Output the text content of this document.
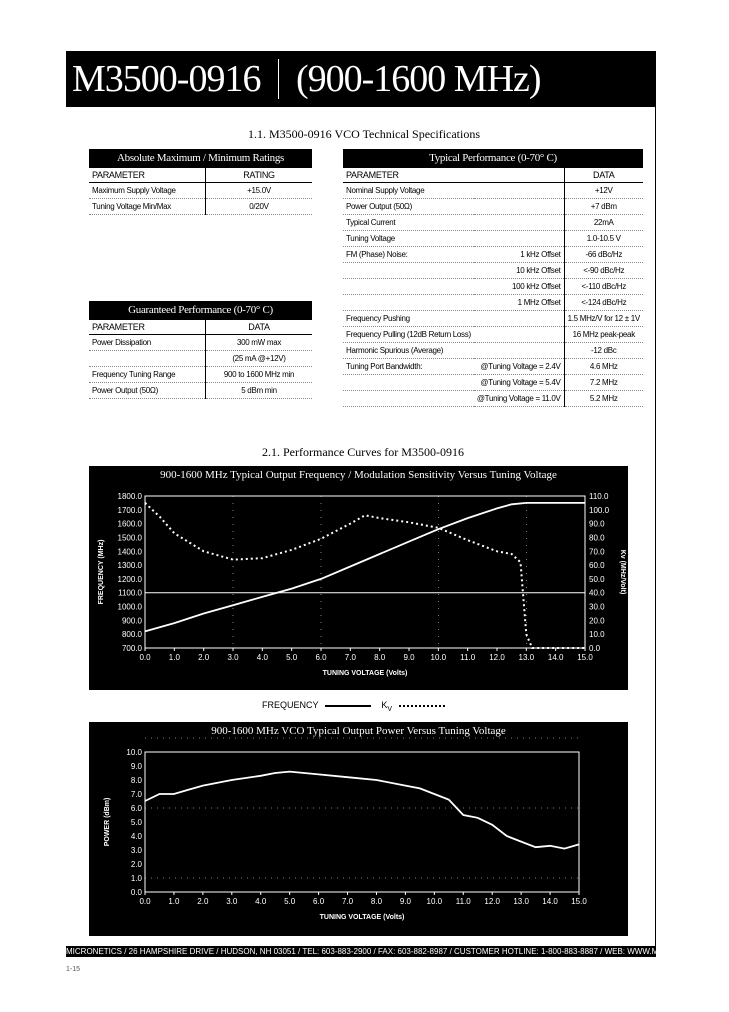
M3500-0916 (900-1600 MHz)
1.1. M3500-0916 VCO Technical Specifications
Absolute Maximum / Minimum Ratings	
PARAMETER	RATING
Maximum Supply Voltage	+15.0V
Tuning Voltage Min/Max	0/20V
Guaranteed Performance (0-70° C)	
PARAMETER	DATA
Power Dissipation	300 mW max
	(25 mA @+12V)
Frequency Tuning Range	900 to 1600 MHz min
Power Output (50Ω)	5 dBm min
Typical Performance (0-70° C)		
PARAMETER		DATA
Nominal Supply Voltage		+12V
Power Output (50Ω)		+7 dBm
Typical Current		22mA
Tuning Voltage		1.0-10.5 V
FM (Phase) Noise:	1 kHz Offset	-66 dBc/Hz
	10 kHz Offset	<-90 dBc/Hz
	100 kHz Offset	<-110 dBc/Hz
	1 MHz Offset	<-124 dBc/Hz
Frequency Pushing		1.5 MHz/V for 12 ± 1V
Frequency Pulling (12dB Return Loss)		16 MHz peak-peak
Harmonic Spurious (Average)		-12 dBc
Tuning Port Bandwidth:	@Tuning Voltage = 2.4V	4.6 MHz
	@Tuning Voltage = 5.4V	7.2 MHz
	@Tuning Voltage = 11.0V	5.2 MHz
2.1. Performance Curves for M3500-0916
900-1600 MHz Typical Output Frequency / Modulation Sensitivity Versus Tuning Voltage
0.0 1.0 2.0 3.0 4.0 5.0 6.0 7.0 8.0 9.0 10.0 11.0 12.0 13.0 14.0 15.0
700.0
800.0
900.0
1000.0
1100.0
1200.0
1300.0
1400.0
1500.0
1600.0
1700.0
1800.0
0.0
10.0
20.0
30.0
40.0
50.0
60.0
70.0
80.0
90.0
100.0
110.0
Kv (MHz/Volt)
TUNING VOLTAGE (Volts)
FREQUENCY (MHz)
FREQUENCY	$K_V$
900-1600 MHz VCO Typical Output Power Versus Tuning Voltage
0.0 1.0 2.0 3.0 4.0 5.0 6.0 7.0 8.0 9.0 10.0 11.0 12.0 13.0 14.0 15.0
0.0
1.0
2.0
3.0
4.0
5.0
6.0
7.0
8.0
9.0
10.0
TUNING VOLTAGE (Volts)
POWER (dBm)
MICRONETICS / 26 HAMPSHIRE DRIVE / HUDSON, NH 03051 / TEL: 603-883-2900 / FAX: 603-882-8987 / CUSTOMER HOTLINE: 1-800-883-8887 / WEB: WWW.MICRONETICS.COM
1-15
